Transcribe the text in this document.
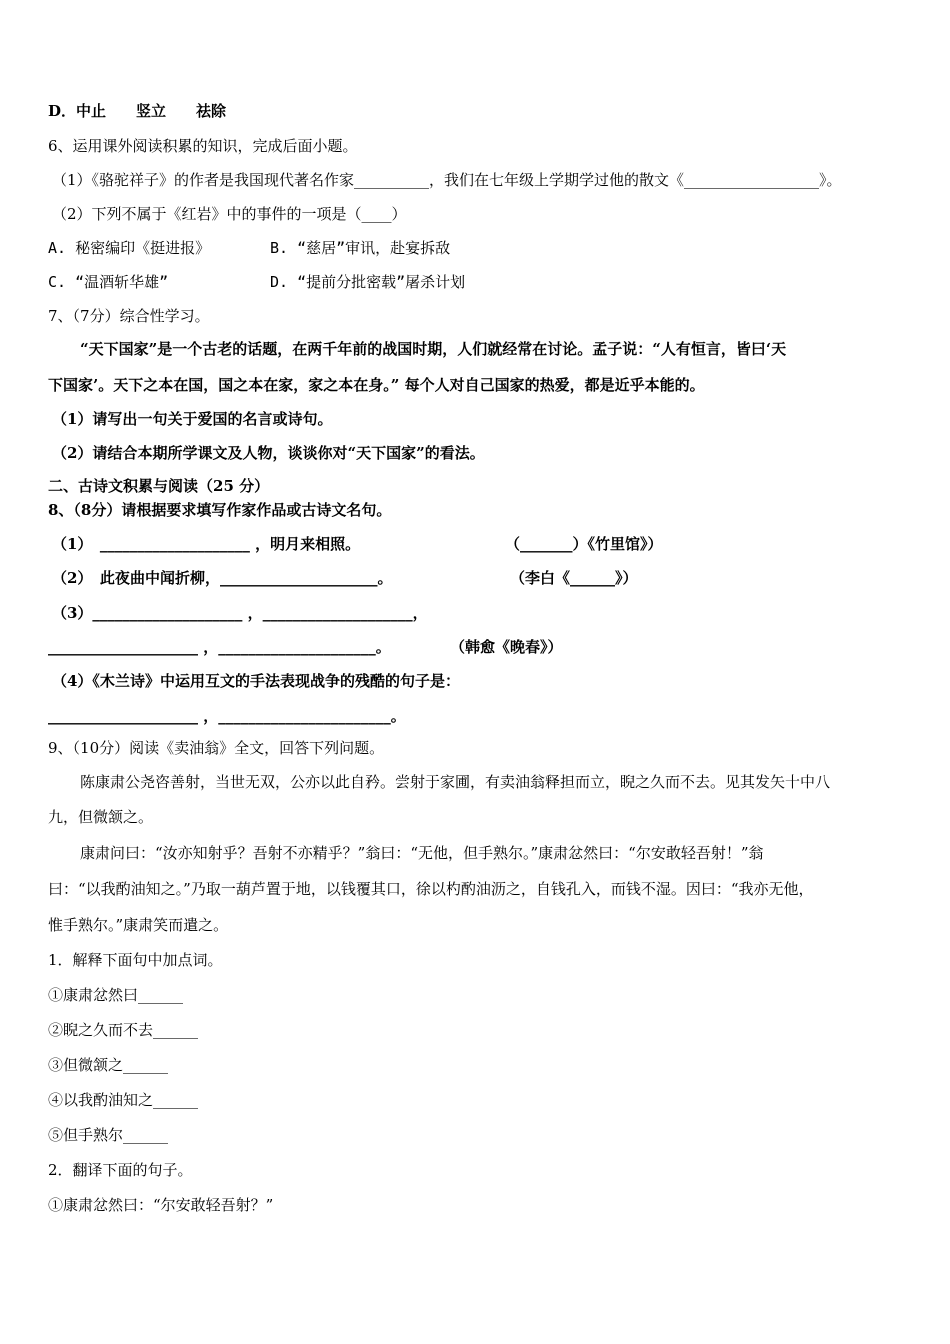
D．中止　　竖立　　祛除
6、运用课外阅读积累的知识，完成后面小题。
（1）《骆驼祥子》的作者是我国现代著名作家__________，我们在七年级上学期学过他的散文《__________________》。
（2）下列不属于《红岩》中的事件的一项是（____）
A. 秘密编印《挺进报》	B. “慈居”审讯，赴宴拆敌
C. “温酒斩华雄”	D. “提前分批密载”屠杀计划
7、（7分）综合性学习。
“天下国家”是一个古老的话题，在两千年前的战国时期，人们就经常在讨论。孟子说：“人有恒言，皆曰‘天
下国家’。天下之本在国，国之本在家，家之本在身。” 每个人对自己国家的热爱，都是近乎本能的。
（1）请写出一句关于爱国的名言或诗句。
（2）请结合本期所学课文及人物，谈谈你对“天下国家”的看法。
二、古诗文积累与阅读（25 分）
8、（8分）请根据要求填写作家作品或古诗文名句。
（1）　____________________ ，明月来相照。	（_______）《竹里馆》）
（2）　此夜曲中闻折柳，_____________________。	（李白《______》）
（3）____________________ ，____________________，
____________________ ，_____________________。	（韩愈《晚春》）
（4）《木兰诗》中运用互文的手法表现战争的残酷的句子是：
____________________ ，_______________________。
9、（10分）阅读《卖油翁》全文，回答下列问题。
陈康肃公尧咨善射，当世无双，公亦以此自矜。尝射于家圃，有卖油翁释担而立，睨之久而不去。见其发矢十中八
九，但微颔之。
康肃问曰：“汝亦知射乎？吾射不亦精乎？”翁曰：“无他，但手熟尔。”康肃忿然曰：“尔安敢轻吾射！”翁
曰：“以我酌油知之。”乃取一葫芦置于地，以钱覆其口，徐以杓酌油沥之，自钱孔入，而钱不湿。因曰：“我亦无他，
惟手熟尔。”康肃笑而遣之。
1．解释下面句中加点词。
①康肃忿然曰______
②睨之久而不去______
③但微颔之______
④以我酌油知之______
⑤但手熟尔______
2．翻译下面的句子。
①康肃忿然曰：“尔安敢轻吾射？”
